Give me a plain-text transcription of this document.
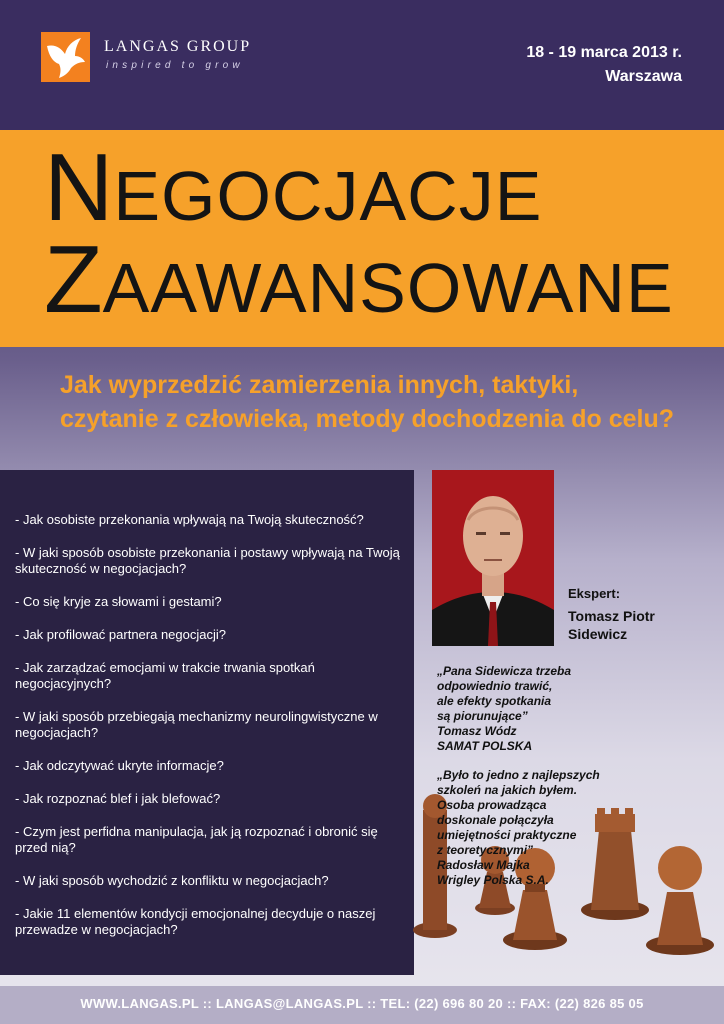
LANGAS GROUP
inspired to grow
18 - 19 marca 2013 r.
Warszawa
NEGOCJACJE
ZAAWANSOWANE
Jak wyprzedzić zamierzenia innych, taktyki,
czytanie z człowieka, metody dochodzenia do celu?
- Jak osobiste przekonania wpływają na Twoją skuteczność?
- W jaki sposób osobiste przekonania i postawy wpływają na Twoją skuteczność w negocjacjach?
- Co się kryje za słowami i gestami?
- Jak profilować partnera negocjacji?
- Jak zarządzać emocjami w trakcie trwania spotkań negocjacyjnych?
- W jaki sposób przebiegają mechanizmy neurolingwistyczne w negocjacjach?
- Jak odczytywać ukryte informacje?
- Jak rozpoznać blef i jak blefować?
- Czym jest perfidna manipulacja, jak ją rozpoznać i obronić się przed nią?
- W jaki sposób wychodzić z konfliktu w negocjacjach?
- Jakie 11 elementów kondycji emocjonalnej decyduje o naszej przewadze w negocjacjach?
Ekspert:
Tomasz Piotr
Sidewicz
„Pana Sidewicza trzeba
odpowiednio trawić,
ale efekty spotkania
są piorunujące”
Tomasz Wódz
SAMAT POLSKA
„Było to jedno z najlepszych
szkoleń na jakich byłem.
Osoba prowadząca
doskonale połączyła
umiejętności praktyczne
z teoretycznymi”
Radosław Majka
Wrigley Polska S.A.
WWW.LANGAS.PL :: LANGAS@LANGAS.PL :: TEL: (22) 696 80 20 :: FAX: (22) 826 85 05
